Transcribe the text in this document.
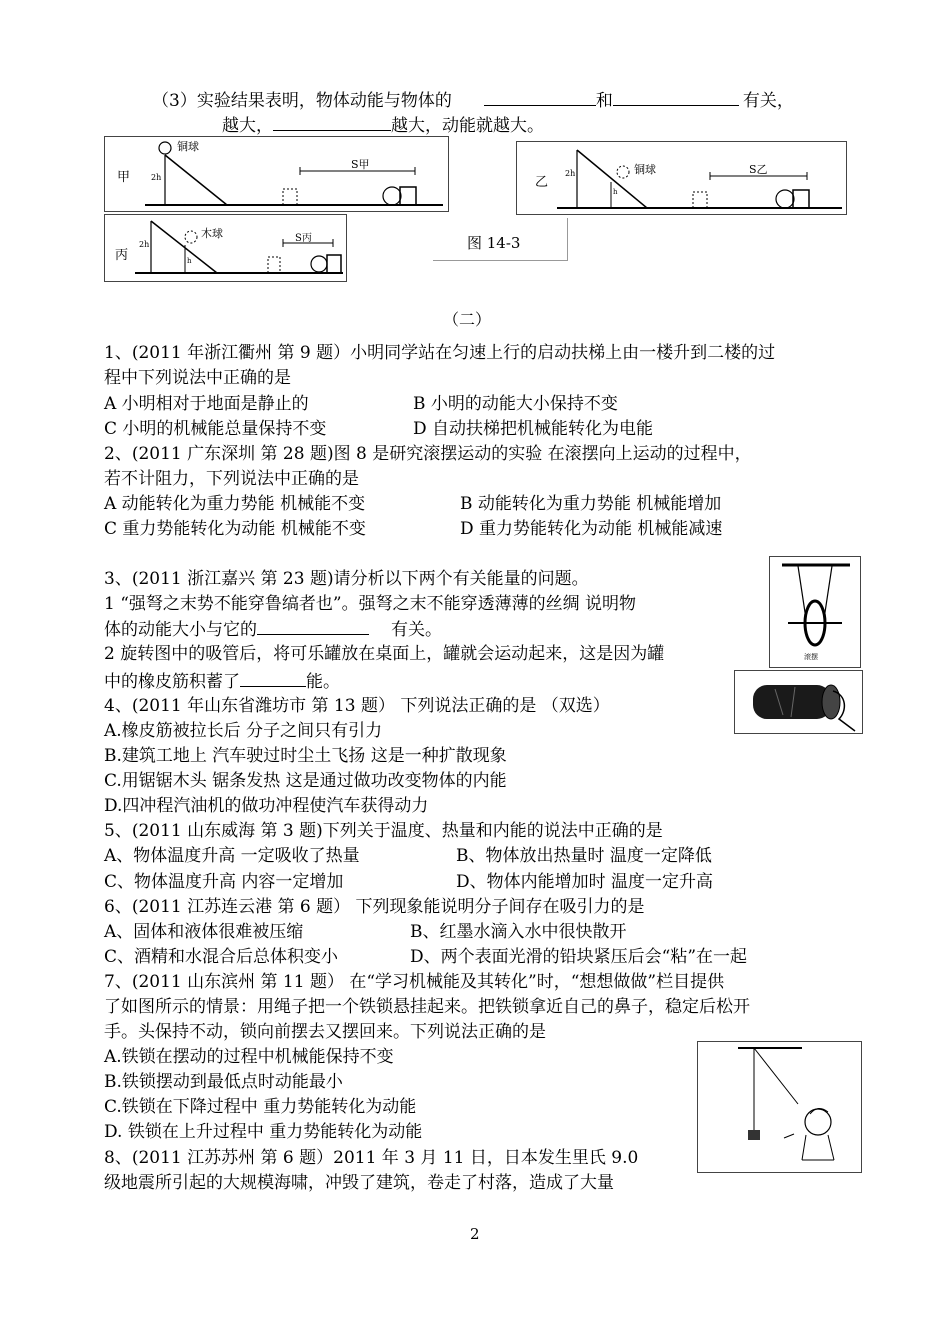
（3）实验结果表明，物体动能与物体的	和	有关，
越大，	越大，动能就越大。
甲
铜球
2h
S甲
乙
铜球
2h
h
S乙
丙
木球
2h
h
S丙	图 14-3
（二）
1、(2011 年浙江衢州 第 9 题）小明同学站在匀速上行的启动扶梯上由一楼升到二楼的过
程中下列说法中正确的是
A 小明相对于地面是静止的	B 小明的动能大小保持不变
C 小明的机械能总量保持不变	D 自动扶梯把机械能转化为电能
2、(2011 广东深圳 第 28 题)图 8 是研究滚摆运动的实验 在滚摆向上运动的过程中，
若不计阻力，下列说法中正确的是
A 动能转化为重力势能 机械能不变	B 动能转化为重力势能 机械能增加
C 重力势能转化为动能 机械能不变	D 重力势能转化为动能 机械能减速
滚摆
3、(2011 浙江嘉兴 第 23 题)请分析以下两个有关能量的问题。
1 “强弩之末势不能穿鲁缟者也”。强弩之末不能穿透薄薄的丝绸 说明物
体的动能大小与它的	有关。
2 旋转图中的吸管后，将可乐罐放在桌面上，罐就会运动起来，这是因为罐
中的橡皮筋积蓄了	能。
4、(2011 年山东省潍坊市 第 13 题） 下列说法正确的是 （双选）
A.橡皮筋被拉长后 分子之间只有引力
B.建筑工地上 汽车驶过时尘土飞扬 这是一种扩散现象
C.用锯锯木头 锯条发热 这是通过做功改变物体的内能
D.四冲程汽油机的做功冲程使汽车获得动力
5、(2011 山东威海 第 3 题)下列关于温度、热量和内能的说法中正确的是
A、物体温度升高 一定吸收了热量	B、物体放出热量时 温度一定降低
C、物体温度升高 内容一定增加	D、物体内能增加时 温度一定升高
6、(2011 江苏连云港 第 6 题） 下列现象能说明分子间存在吸引力的是
A、固体和液体很难被压缩	B、红墨水滴入水中很快散开
C、酒精和水混合后总体积变小	D、两个表面光滑的铅块紧压后会“粘”在一起
7、(2011 山东滨州 第 11 题） 在“学习机械能及其转化”时，“想想做做”栏目提供
了如图所示的情景：用绳子把一个铁锁悬挂起来。把铁锁拿近自己的鼻子，稳定后松开
手。头保持不动，锁向前摆去又摆回来。下列说法正确的是
A.铁锁在摆动的过程中机械能保持不变
B.铁锁摆动到最低点时动能最小
C.铁锁在下降过程中 重力势能转化为动能
D. 铁锁在上升过程中 重力势能转化为动能
8、(2011 江苏苏州 第 6 题）2011 年 3 月 11 日，日本发生里氏 9.0
级地震所引起的大规模海啸，冲毁了建筑，卷走了村落，造成了大量
2
